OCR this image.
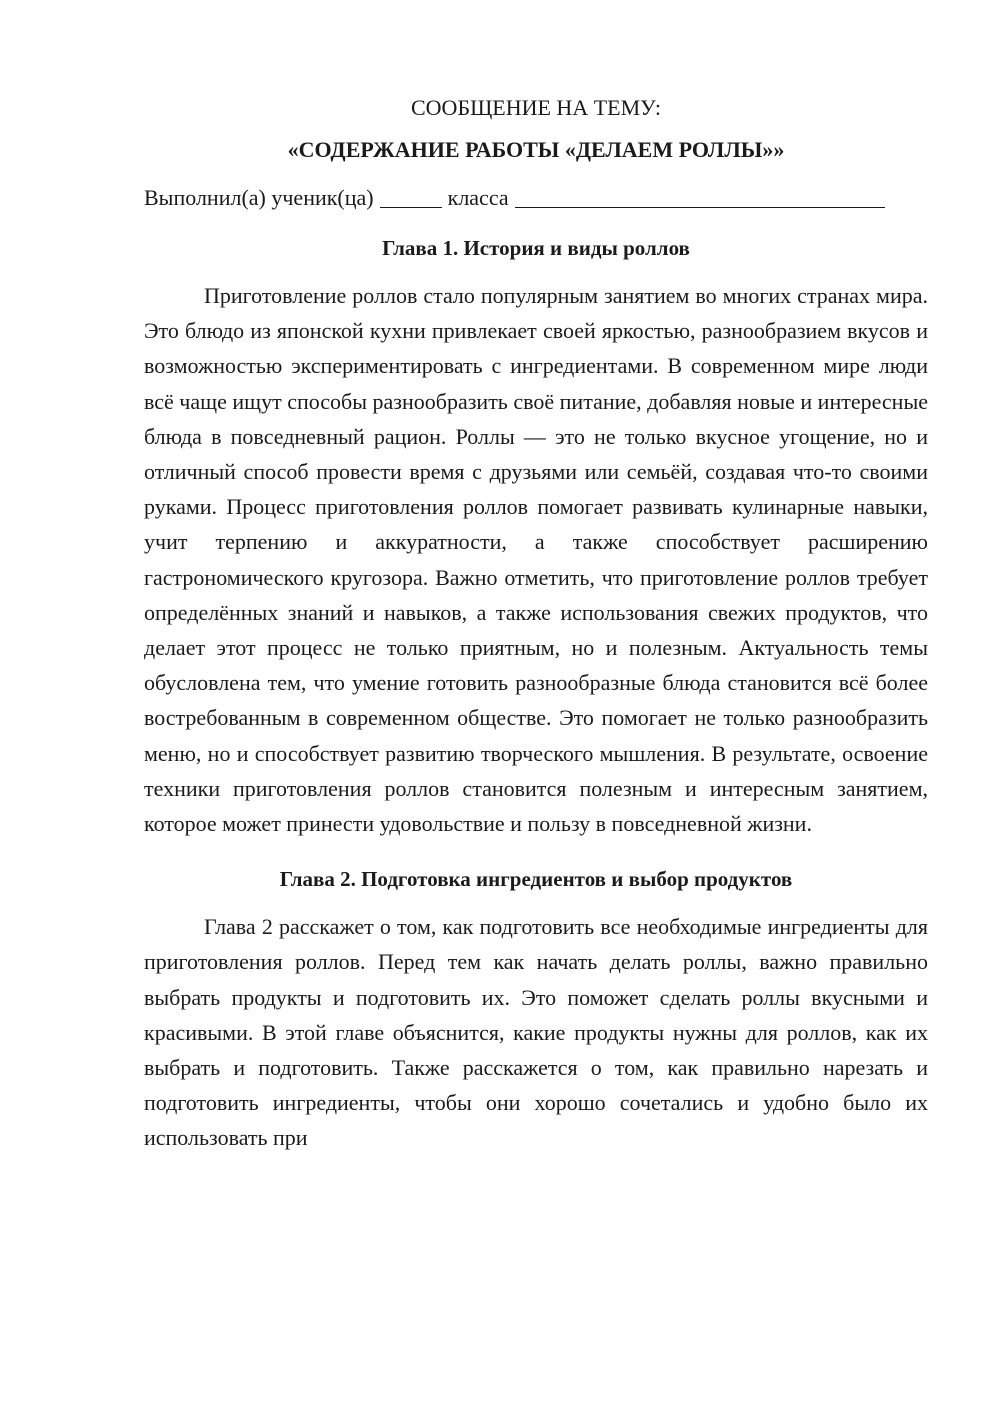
СООБЩЕНИЕ НА ТЕМУ:

«СОДЕРЖАНИЕ РАБОТЫ «ДЕЛАЕМ РОЛЛЫ»»

Выполнил(а) ученик(ца)	класса

Глава 1. История и виды роллов

Приготовление роллов стало популярным занятием во многих странах мира. Это блюдо из японской кухни привлекает своей яркостью, разнообразием вкусов и возможностью экспериментировать с ингредиентами. В современном мире люди всё чаще ищут способы разнообразить своё питание, добавляя новые и интересные блюда в повседневный рацион. Роллы — это не только вкусное угощение, но и отличный способ провести время с друзьями или семьёй, создавая что-то своими руками. Процесс приготовления роллов помогает развивать кулинарные навыки, учит терпению и аккуратности, а также способствует расширению гастрономического кругозора. Важно отметить, что приготовление роллов требует определённых знаний и навыков, а также использования свежих продуктов, что делает этот процесс не только приятным, но и полезным. Актуальность темы обусловлена тем, что умение готовить разнообразные блюда становится всё более востребованным в современном обществе. Это помогает не только разнообразить меню, но и способствует развитию творческого мышления. В результате, освоение техники приготовления роллов становится полезным и интересным занятием, которое может принести удовольствие и пользу в повседневной жизни.

Глава 2. Подготовка ингредиентов и выбор продуктов

Глава 2 расскажет о том, как подготовить все необходимые ингредиенты для приготовления роллов. Перед тем как начать делать роллы, важно правильно выбрать продукты и подготовить их. Это поможет сделать роллы вкусными и красивыми. В этой главе объяснится, какие продукты нужны для роллов, как их выбрать и подготовить. Также расскажется о том, как правильно нарезать и подготовить ингредиенты, чтобы они хорошо сочетались и удобно было их использовать при
